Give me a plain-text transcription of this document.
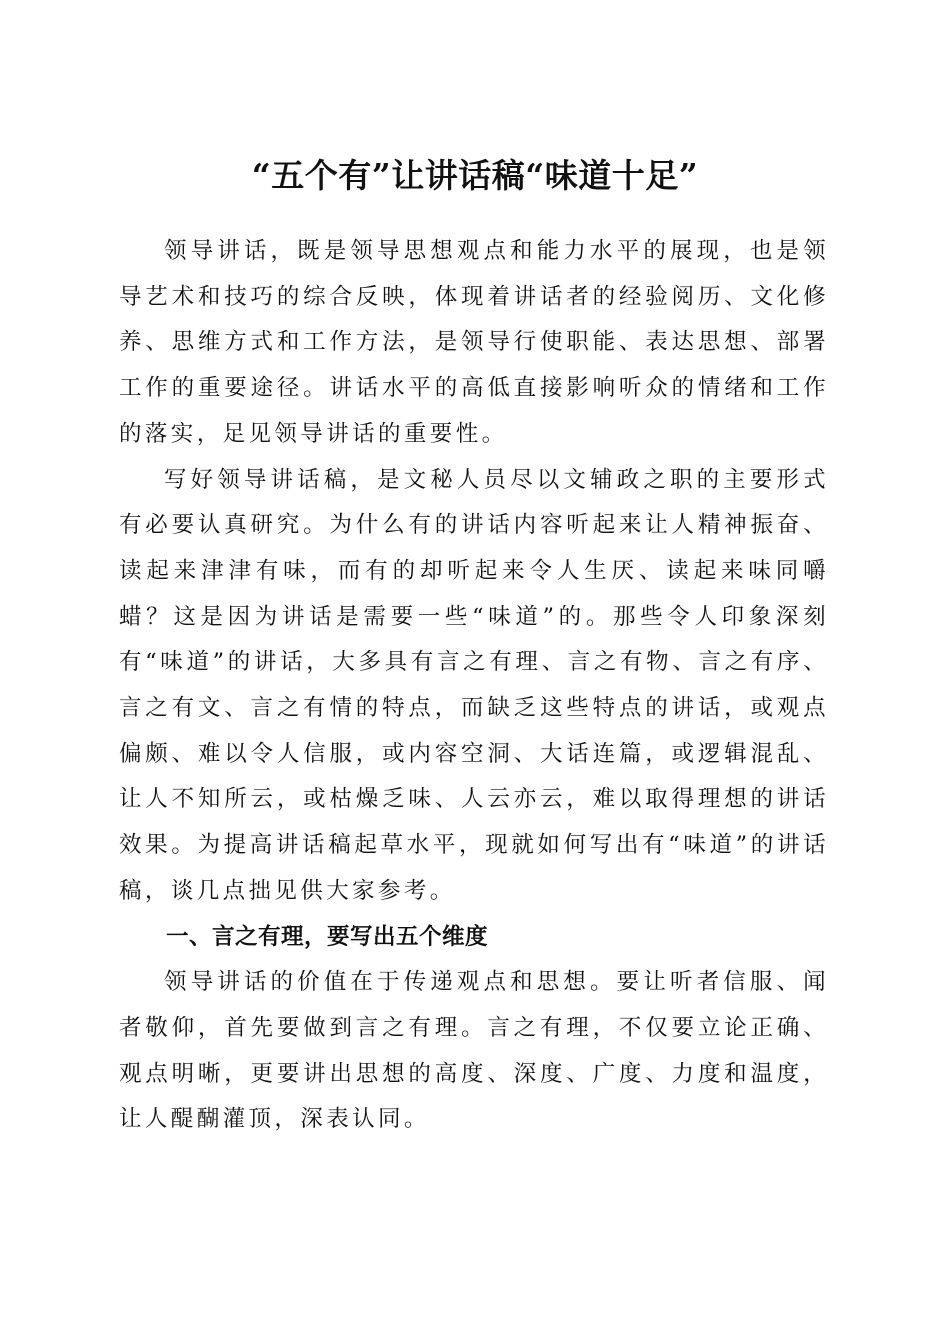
“五个有”让讲话稿“味道十足”

领导讲话，既是领导思想观点和能力水平的展现，也是领导艺术和技巧的综合反映，体现着讲话者的经验阅历、文化修养、思维方式和工作方法，是领导行使职能、表达思想、部署工作的重要途径。讲话水平的高低直接影响听众的情绪和工作的落实，足见领导讲话的重要性。

写好领导讲话稿，是文秘人员尽以文辅政之职的主要形式有必要认真研究。为什么有的讲话内容听起来让人精神振奋、读起来津津有味，而有的却听起来令人生厌、读起来味同嚼蜡？这是因为讲话是需要一些“味道”的。那些令人印象深刻有“味道”的讲话，大多具有言之有理、言之有物、言之有序、言之有文、言之有情的特点，而缺乏这些特点的讲话，或观点偏颇、难以令人信服，或内容空洞、大话连篇，或逻辑混乱、让人不知所云，或枯燥乏味、人云亦云，难以取得理想的讲话效果。为提高讲话稿起草水平，现就如何写出有“味道”的讲话稿，谈几点拙见供大家参考。

一、言之有理，要写出五个维度

领导讲话的价值在于传递观点和思想。要让听者信服、闻者敬仰，首先要做到言之有理。言之有理，不仅要立论正确、观点明晰，更要讲出思想的高度、深度、广度、力度和温度，让人醍醐灌顶，深表认同。
